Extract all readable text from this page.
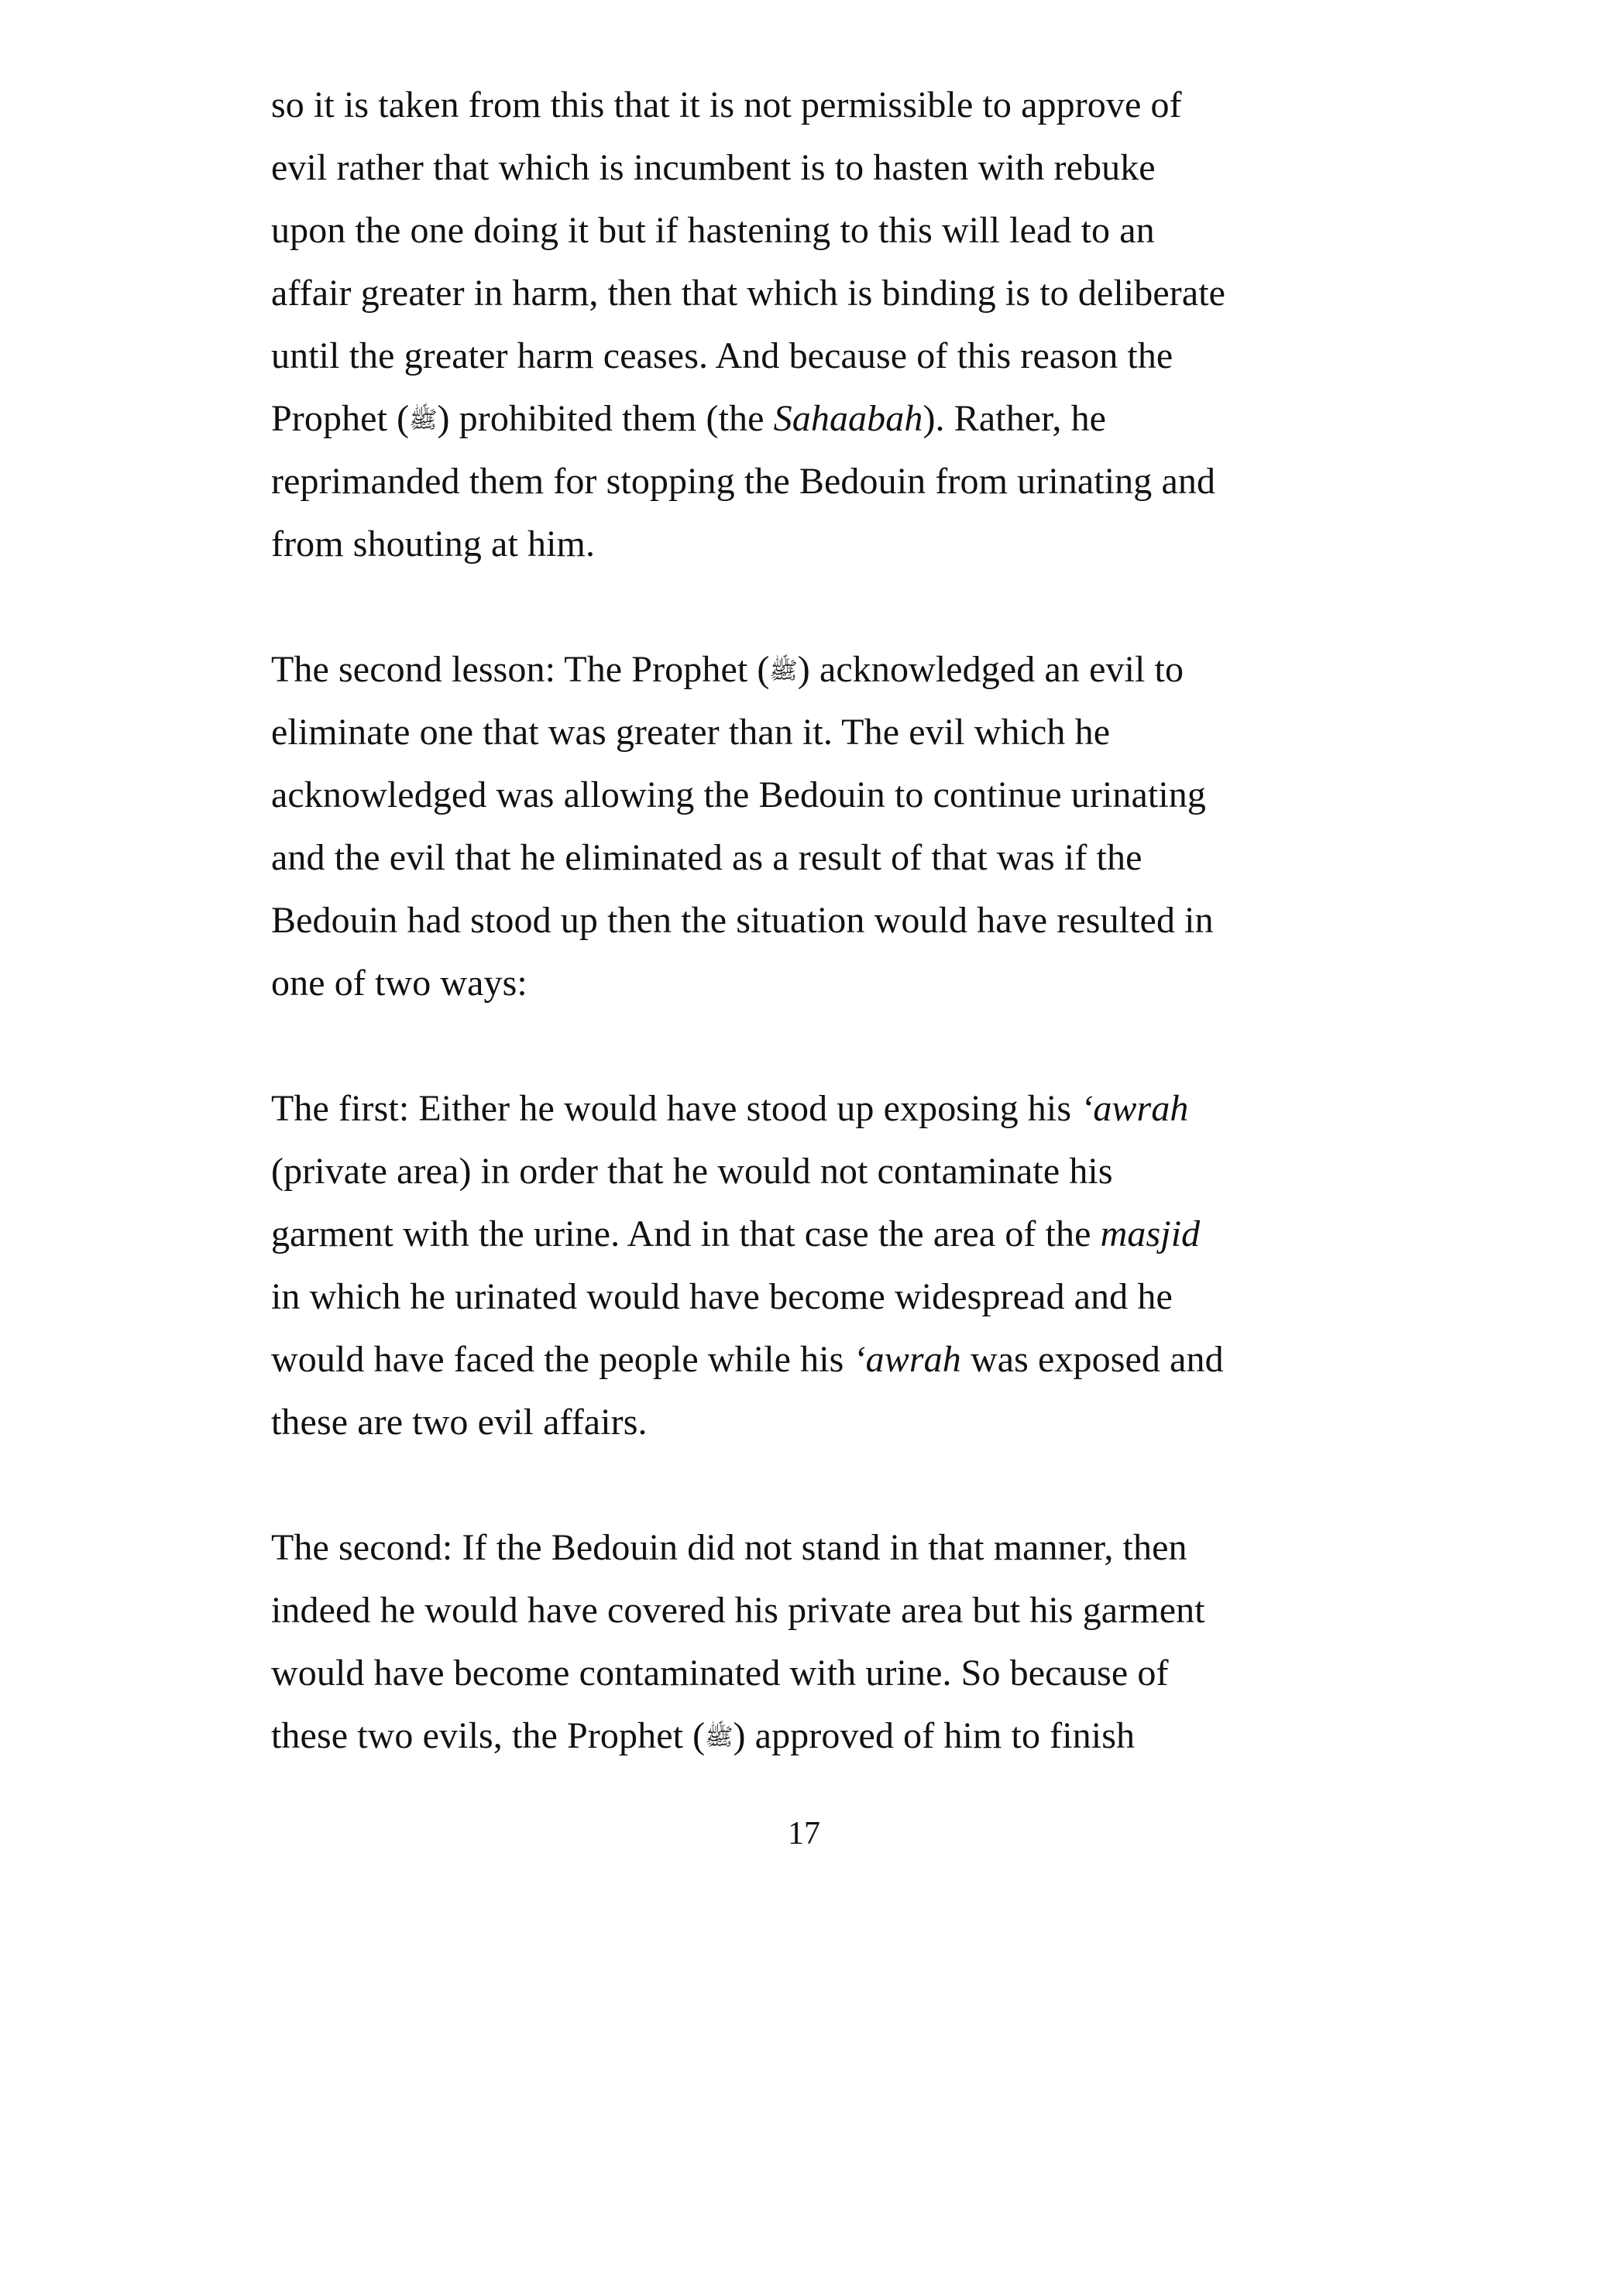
so it is taken from this that it is not permissible to approve of
evil rather that which is incumbent is to hasten with rebuke
upon the one doing it but if hastening to this will lead to an
affair greater in harm, then that which is binding is to deliberate
until the greater harm ceases. And because of this reason the
Prophet (ﷺ) prohibited them (the Sahaabah). Rather, he
reprimanded them for stopping the Bedouin from urinating and
from shouting at him.

The second lesson: The Prophet (ﷺ) acknowledged an evil to
eliminate one that was greater than it. The evil which he
acknowledged was allowing the Bedouin to continue urinating
and the evil that he eliminated as a result of that was if the
Bedouin had stood up then the situation would have resulted in
one of two ways:

The first: Either he would have stood up exposing his ‘awrah
(private area) in order that he would not contaminate his
garment with the urine. And in that case the area of the masjid
in which he urinated would have become widespread and he
would have faced the people while his ‘awrah was exposed and
these are two evil affairs.

The second: If the Bedouin did not stand in that manner, then
indeed he would have covered his private area but his garment
would have become contaminated with urine. So because of
these two evils, the Prophet (ﷺ) approved of him to finish

17
